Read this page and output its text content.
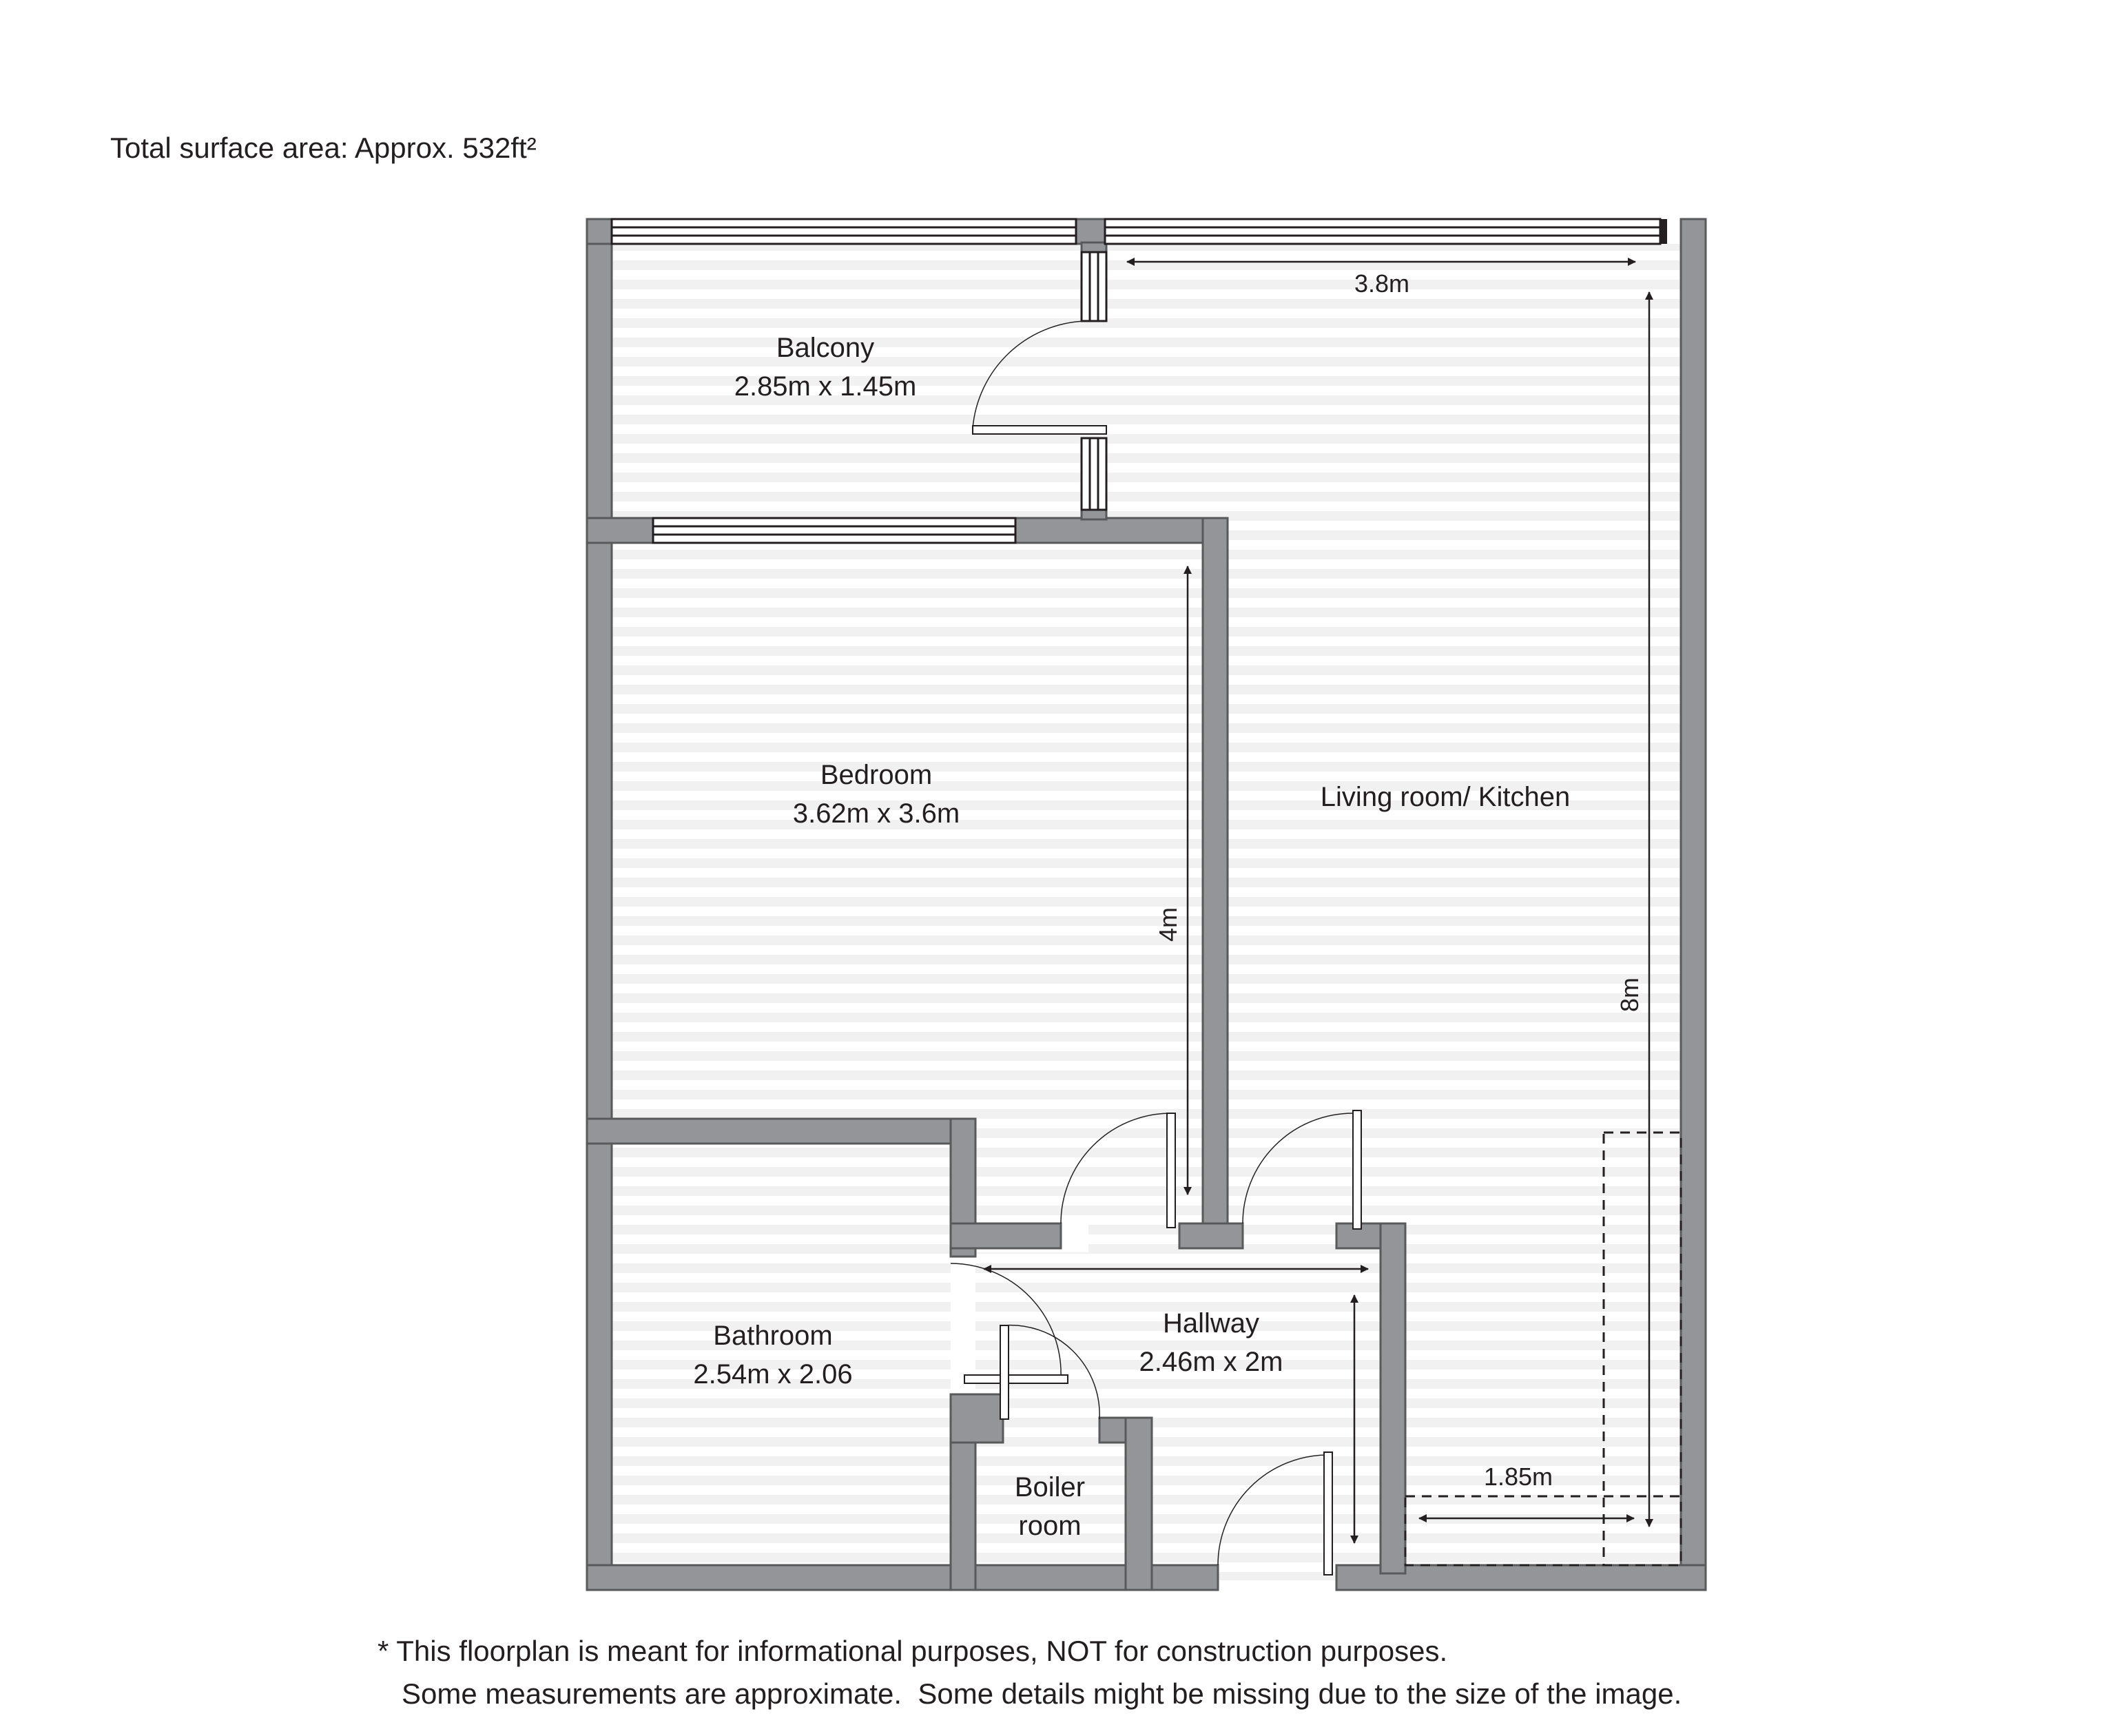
Total surface area: Approx. 532ft²
Balcony
2.85m x 1.45m
Bedroom
3.62m x 3.6m
Living room/ Kitchen
Bathroom
2.54m x 2.06
Hallway
2.46m x 2m
Boiler
room
3.8m
8m
4m
1.85m
* This floorplan is meant for informational purposes, NOT for construction purposes.
Some measurements are approximate.  Some details might be missing due to the size of the image.
